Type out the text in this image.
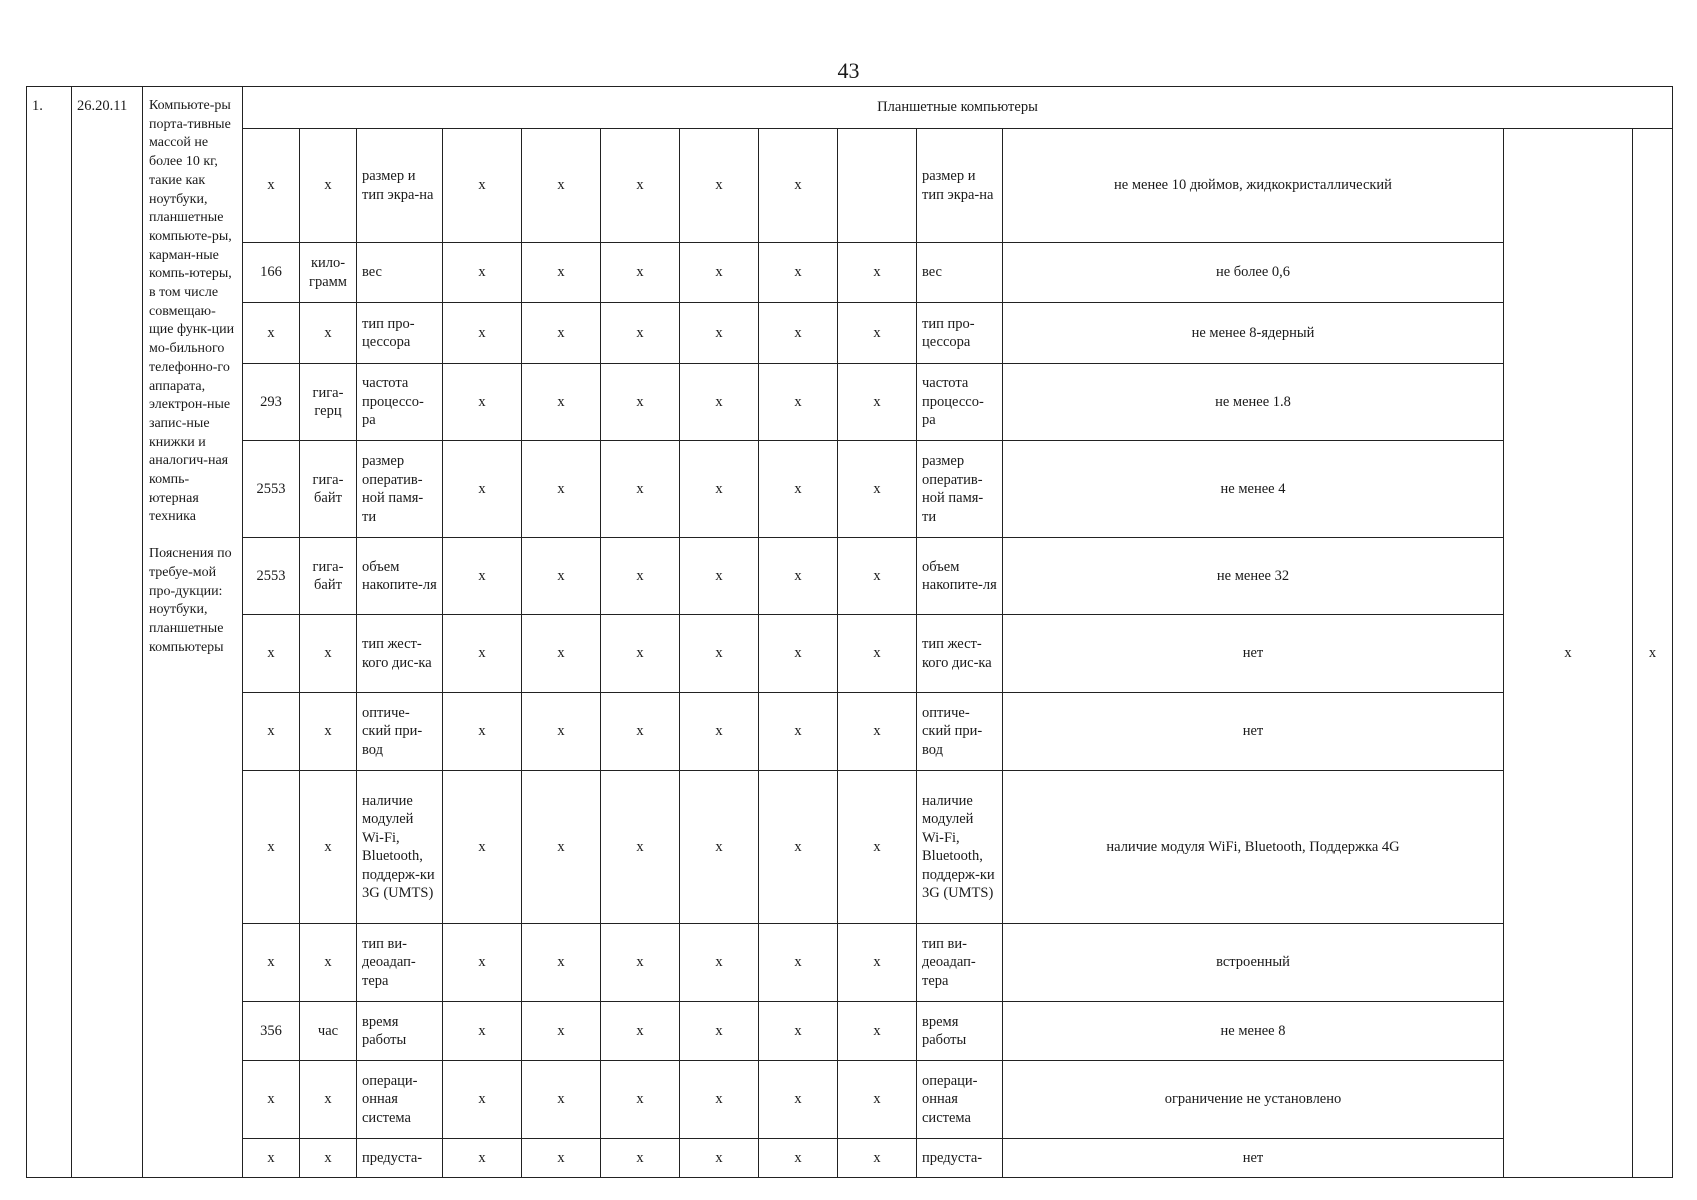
43
1.	26.20.11	Компьюте-ры порта-тивные массой не более 10 кг, такие как ноутбуки, планшетные компьюте-ры, карман-ные компь-ютеры, в том числе совмещаю-щие функ-ции мо-бильного телефонно-го аппарата, электрон-ные запис-ные книжки и аналогич-ная компь-ютерная техника
Пояснения по требуе-мой про-дукции: ноутбуки, планшетные компьютеры	Планшетные компьютеры												
			х	х	размер и тип экра-на	х	х	х	х	х		размер и тип экра-на	не менее 10 дюймов, жидкокристаллический	х	х
			166	кило-грамм	вес	х	х	х	х	х	х	вес	не более 0,6		
			х	х	тип про-цессора	х	х	х	х	х	х	тип про-цессора	не менее 8-ядерный		
			293	гига-герц	частота процессо-ра	х	х	х	х	х	х	частота процессо-ра	не менее 1.8		
			2553	гига-байт	размер оператив-ной памя-ти	х	х	х	х	х	х	размер оператив-ной памя-ти	не менее 4		
			2553	гига-байт	объем накопите-ля	х	х	х	х	х	х	объем накопите-ля	не менее 32		
			х	х	тип жест-кого дис-ка	х	х	х	х	х	х	тип жест-кого дис-ка	нет		
			х	х	оптиче-ский при-вод	х	х	х	х	х	х	оптиче-ский при-вод	нет		
			х	х	наличие модулей Wi-Fi, Bluetooth, поддерж-ки 3G (UMTS)	х	х	х	х	х	х	наличие модулей Wi-Fi, Bluetooth, поддерж-ки 3G (UMTS)	наличие модуля WiFi, Bluetooth, Поддержка 4G		
			х	х	тип ви-деоадап-тера	х	х	х	х	х	х	тип ви-деоадап-тера	встроенный		
			356	час	время работы	х	х	х	х	х	х	время работы	не менее 8		
			х	х	операци-онная система	х	х	х	х	х	х	операци-онная система	ограничение не установлено		
			х	х	предуста-	х	х	х	х	х	х	предуста-	нет		
